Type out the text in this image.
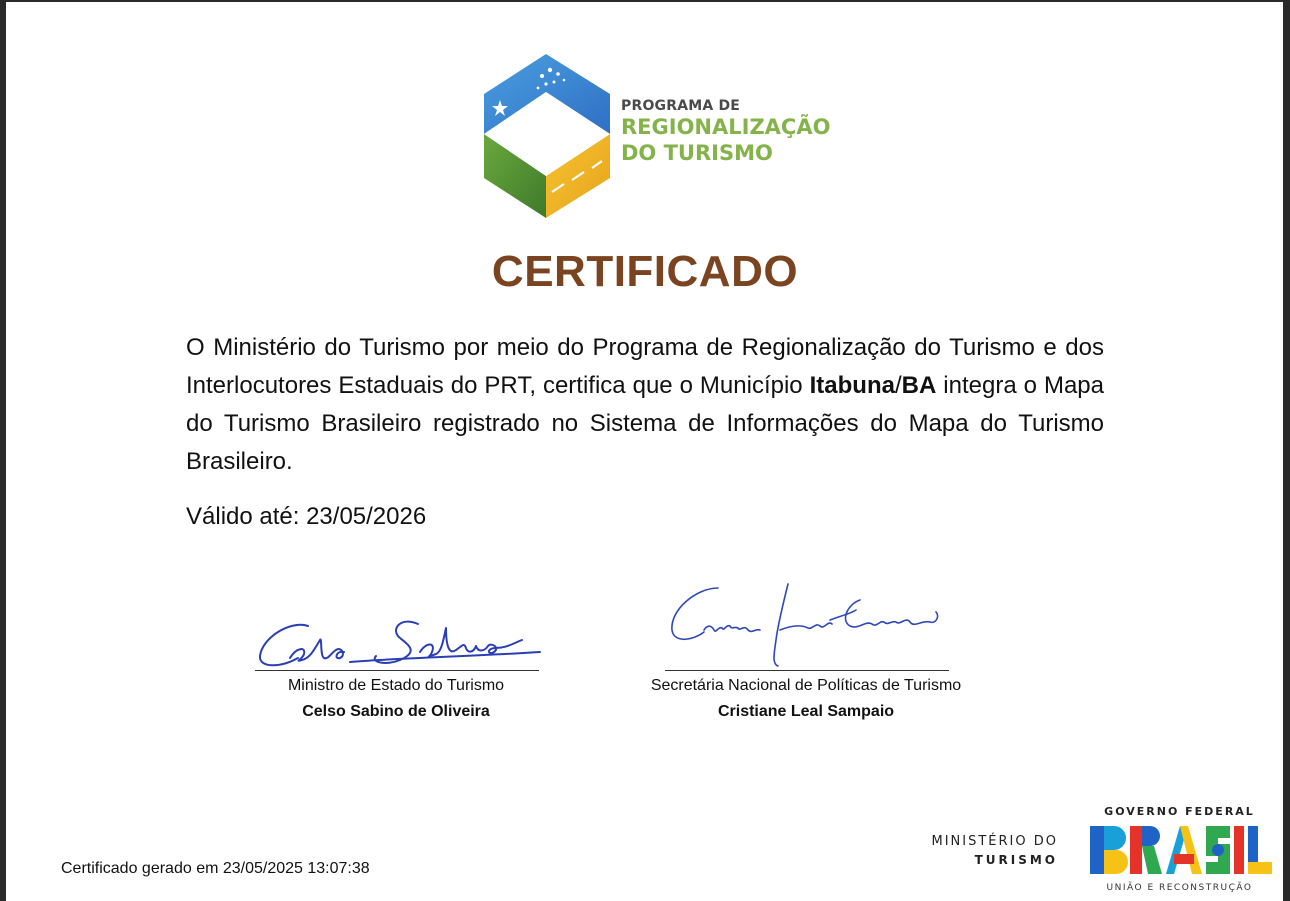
PROGRAMA DE
REGIONALIZAÇÃO
DO TURISMO
CERTIFICADO
O Ministério do Turismo por meio do Programa de Regionalização do Turismo e dos Interlocutores Estaduais do PRT, certifica que o Município Itabuna/BA integra o Mapa do Turismo Brasileiro registrado no Sistema de Informações do Mapa do Turismo Brasileiro.
Válido até: 23/05/2026
Ministro de Estado do Turismo
Celso Sabino de Oliveira
Secretária Nacional de Políticas de Turismo
Cristiane Leal Sampaio
Certificado gerado em 23/05/2025 13:07:38
MINISTÉRIO DO
TURISMO
GOVERNO FEDERAL
UNIÃO E RECONSTRUÇÃO
